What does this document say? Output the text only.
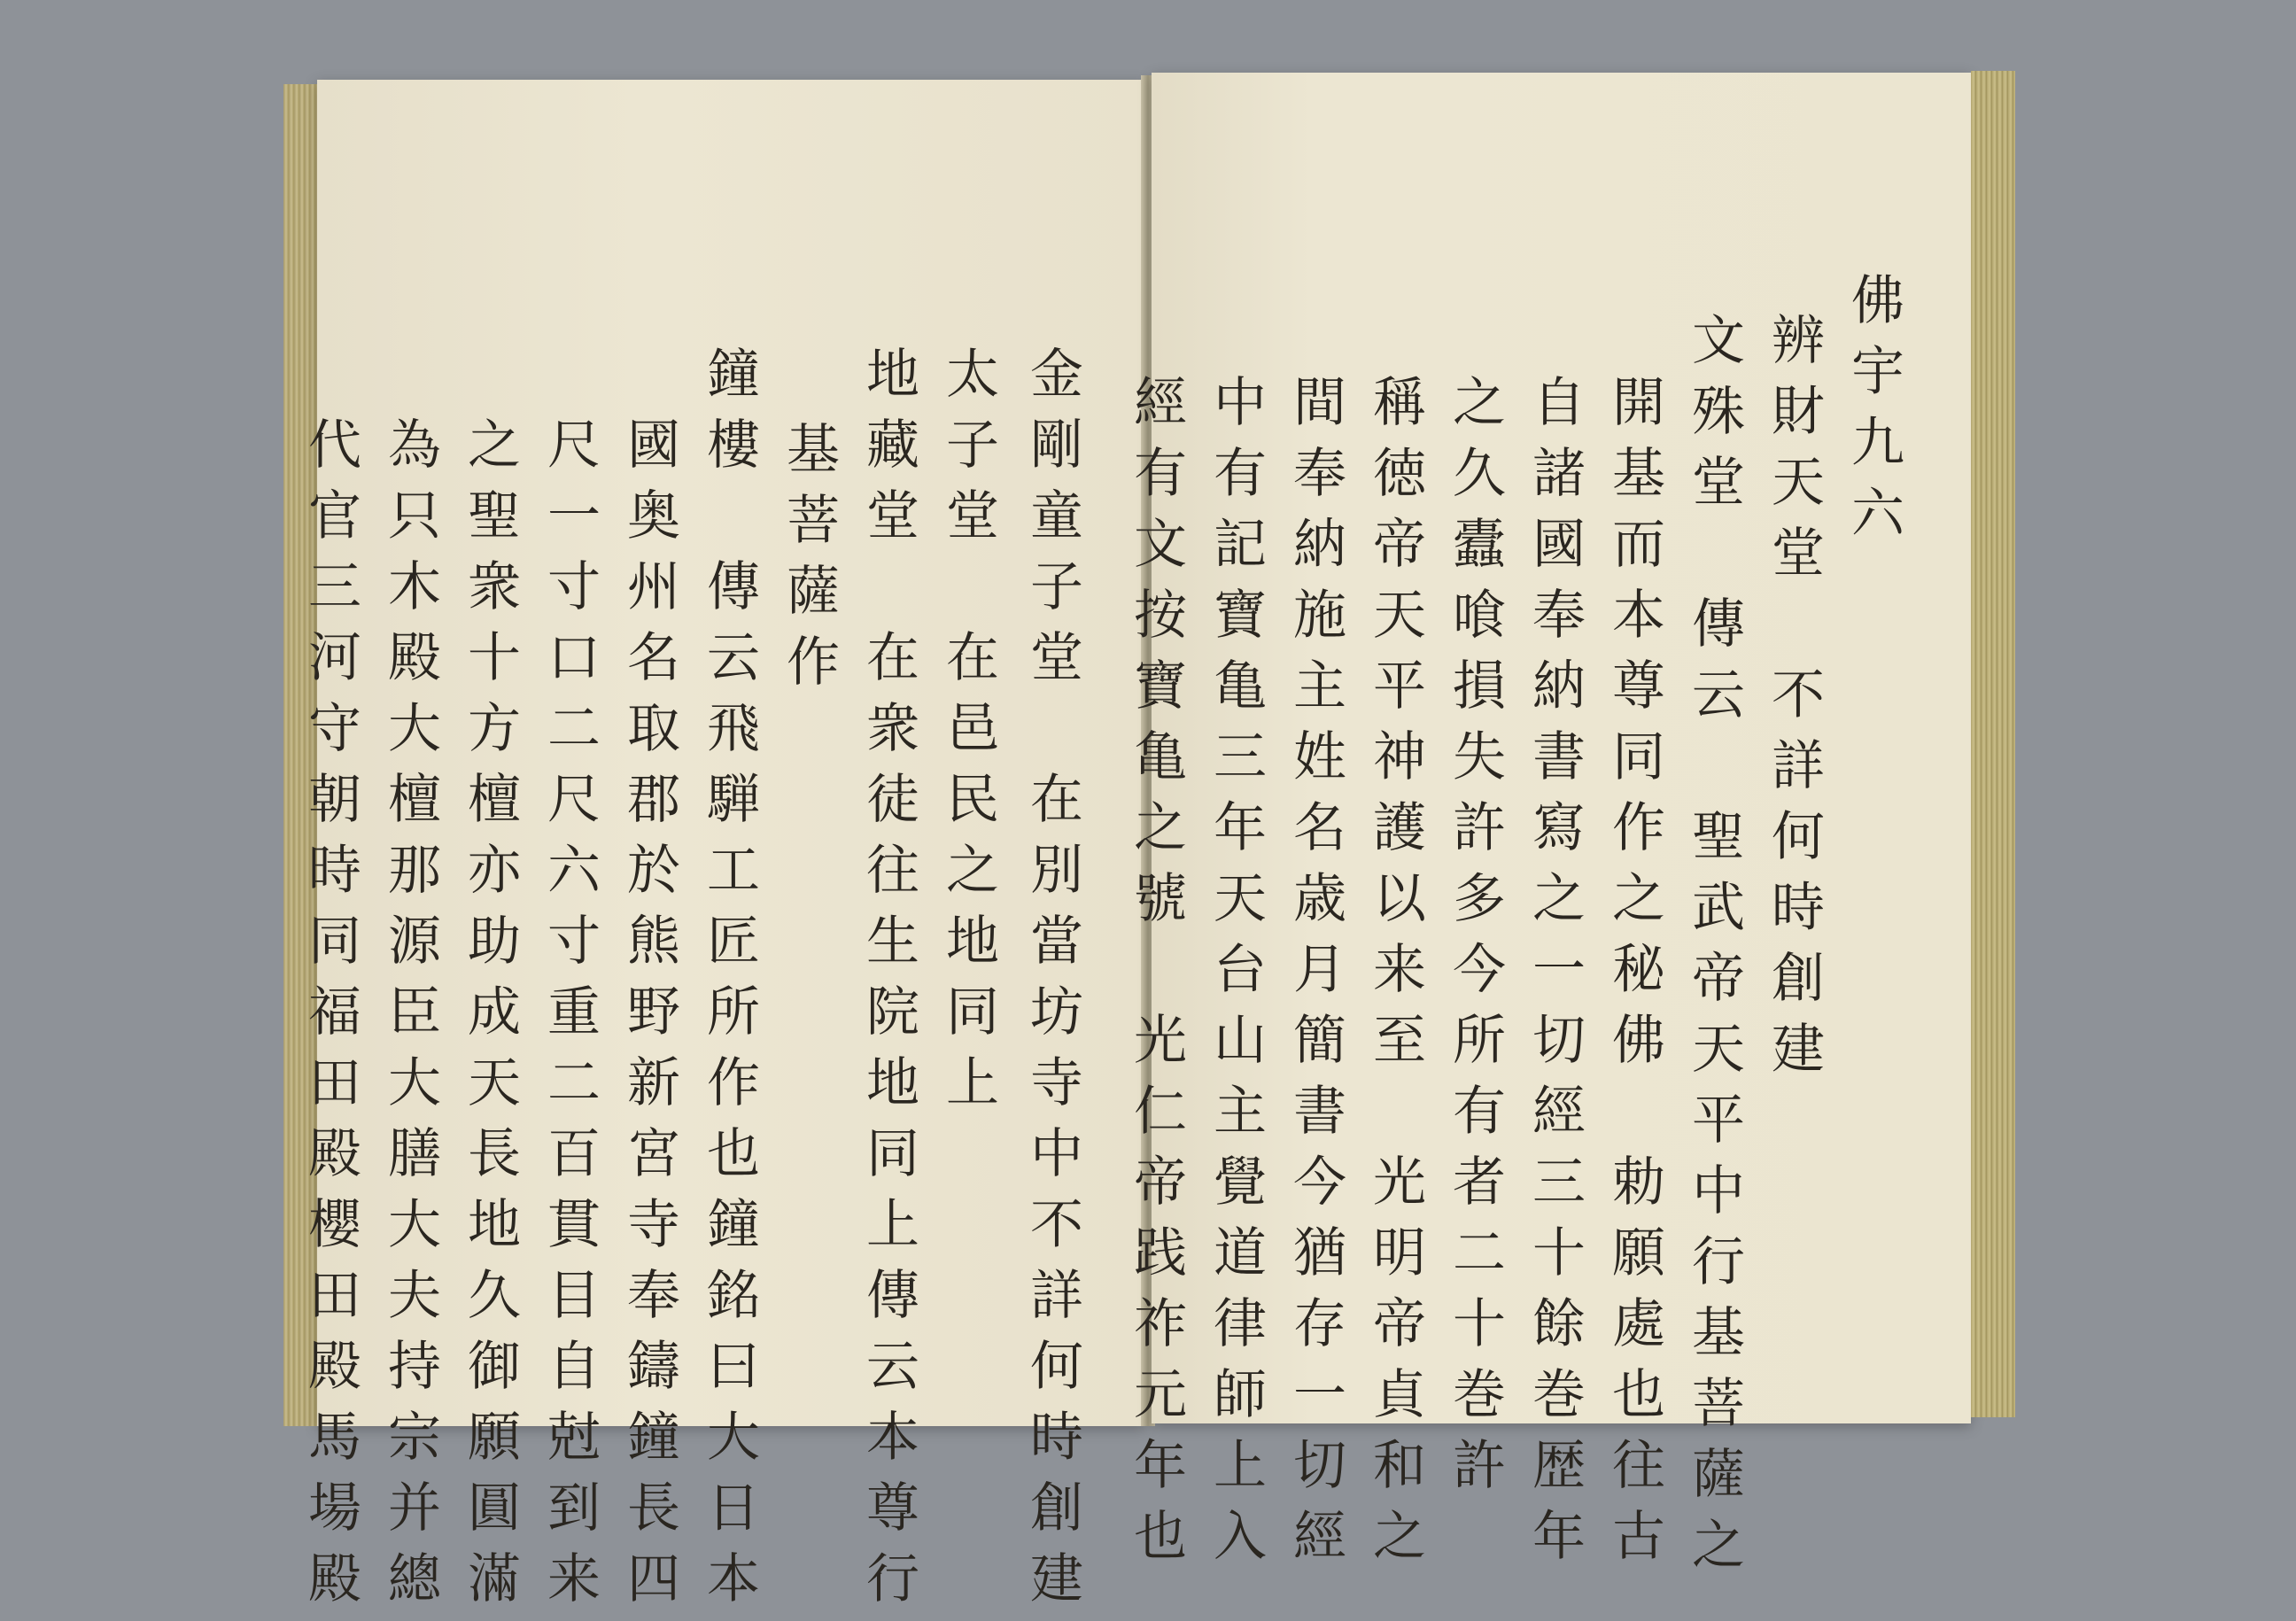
金剛童子堂　在別當坊寺中不詳何時創建
太子堂　在邑民之地同上
地藏堂　在衆徒往生院地同上傳云本尊行
基菩薩作
鐘樓　傳云飛騨工匠所作也鐘銘曰大日本
國奥州名取郡於熊野新宮寺奉鑄鐘長四
尺一寸口二尺六寸重二百貫目自尅到来
之聖衆十方檀亦助成天長地久御願圓滿
為只木殿大檀那源臣大膳大夫持宗并總
代官三河守朝時同福田殿櫻田殿馬場殿
佛宇九六
辨財天堂　不詳何時創建
文殊堂　傳云　聖武帝天平中行基菩薩之
開基而本尊同作之秘佛　勅願處也往古
自諸國奉納書寫之一切經三十餘巻歴年
之久蠹喰損失許多今所有者二十巻許
稱徳帝天平神護以来至　光明帝貞和之
間奉納施主姓名歳月簡書今猶存一切經
中有記寶亀三年天台山主覺道律師上入
經有文按寶亀之號　光仁帝践祚元年也
